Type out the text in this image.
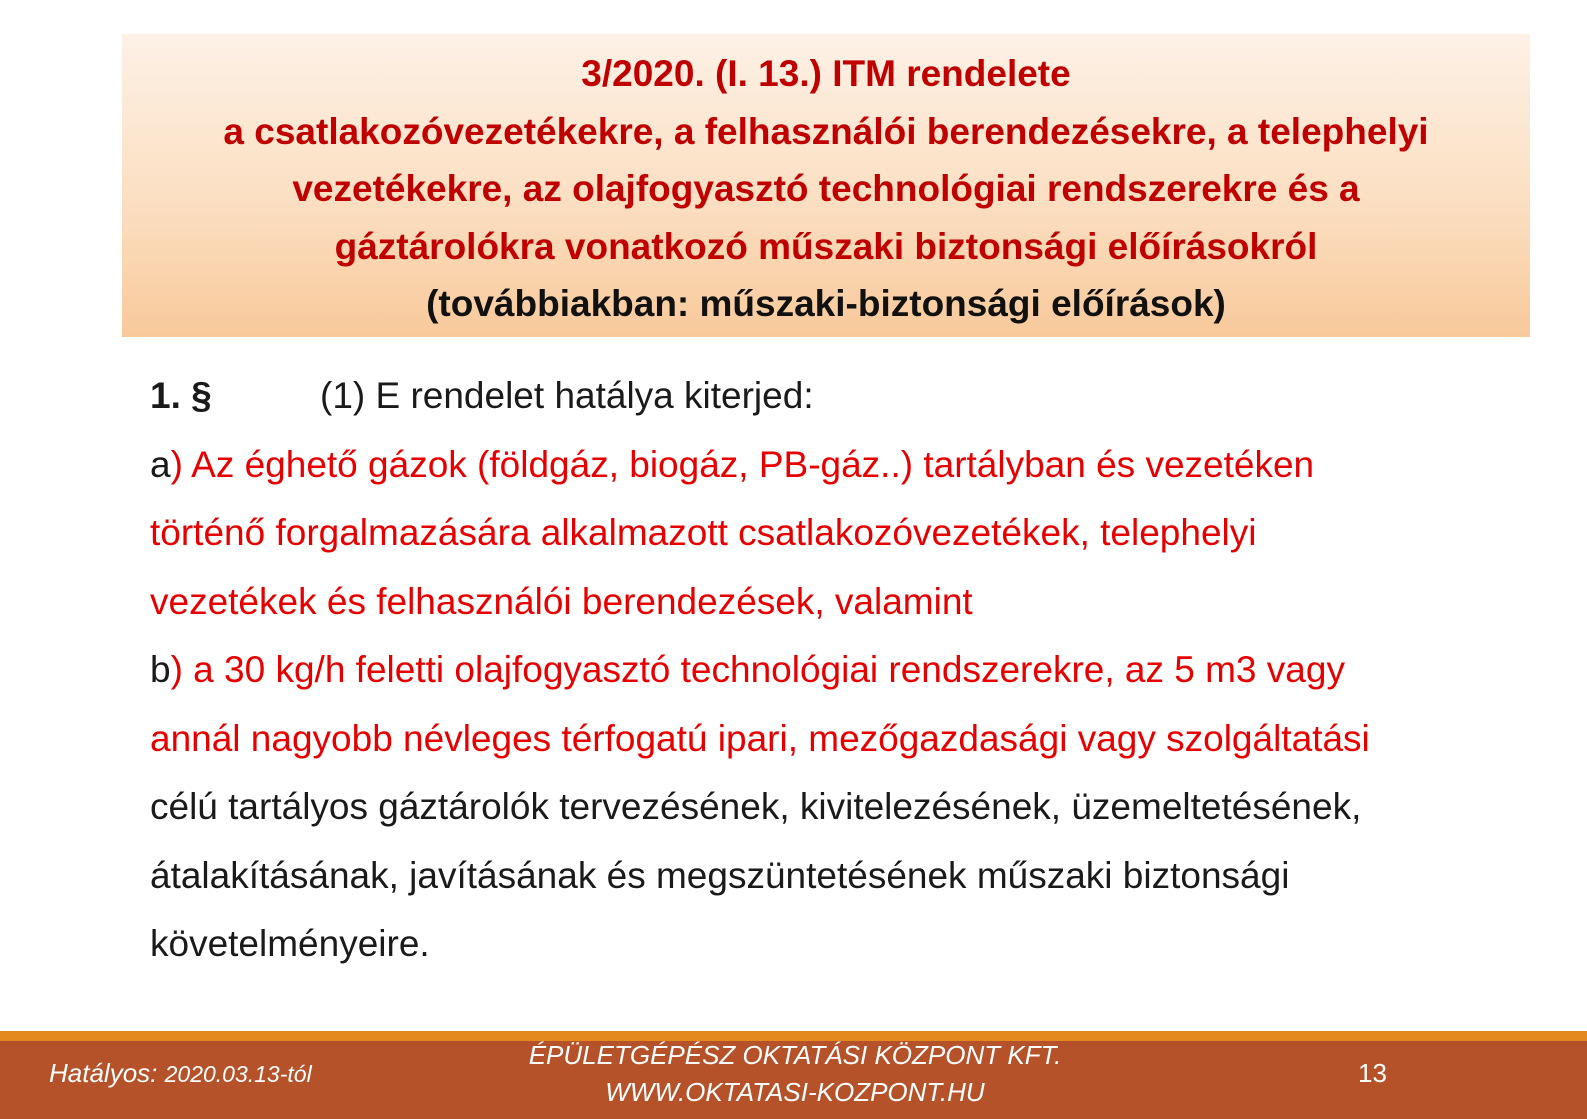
3/2020. (I. 13.) ITM rendelete
a csatlakozóvezetékekre, a felhasználói berendezésekre, a telephelyi
vezetékekre, az olajfogyasztó technológiai rendszerekre és a
gáztárolókra vonatkozó műszaki biztonsági előírásokról
(továbbiakban: műszaki-biztonsági előírások)
1. §	(1) E rendelet hatálya kiterjed:
a) Az éghető gázok (földgáz, biogáz, PB-gáz..) tartályban és vezetéken
történő forgalmazására alkalmazott csatlakozóvezetékek, telephelyi
vezetékek és felhasználói berendezések, valamint
b) a 30 kg/h feletti olajfogyasztó technológiai rendszerekre, az 5 m3 vagy
annál nagyobb névleges térfogatú ipari, mezőgazdasági vagy szolgáltatási
célú tartályos gáztárolók tervezésének, kivitelezésének, üzemeltetésének,
átalakításának, javításának és megszüntetésének műszaki biztonsági
követelményeire.
Hatályos: 2020.03.13-tól
ÉPÜLETGÉPÉSZ OKTATÁSI KÖZPONT KFT.
WWW.OKTATASI-KOZPONT.HU
13
